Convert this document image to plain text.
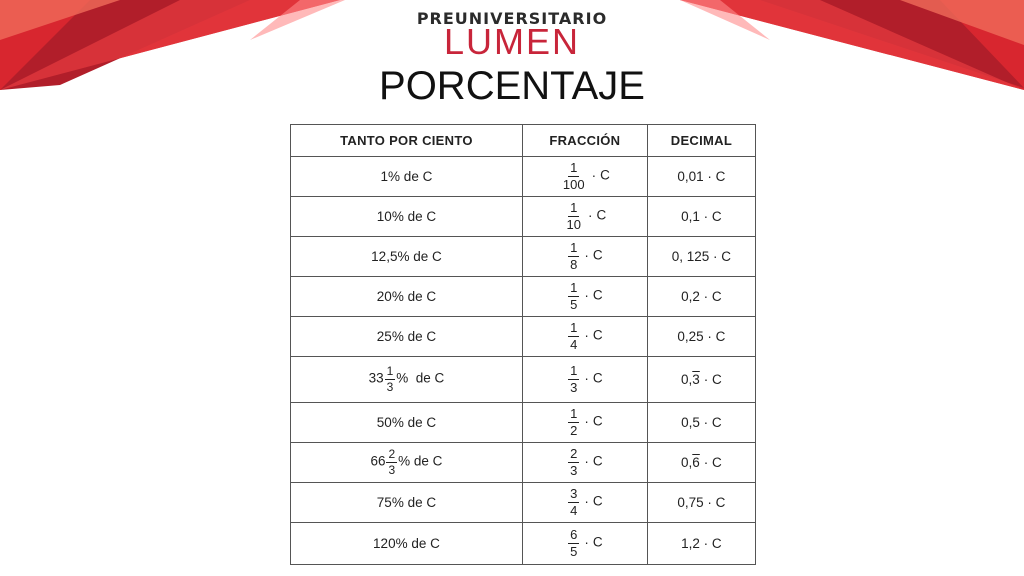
PREUNIVERSITARIO
LUMEN
PORCENTAJE
TANTO POR CIENTO	FRACCIÓN	DECIMAL
1% de C	$\frac{1}{100} \cdot C$	0,01 · C
10% de C	$\frac{1}{10} \cdot C$	0,1 · C
12,5% de C	$\frac{1}{8} \cdot C$	0, 125 · C
20% de C	$\frac{1}{5} \cdot C$	0,2 · C
25% de C	$\frac{1}{4} \cdot C$	0,25 · C
$33 \frac{1}{3}$ %  de C	$\frac{1}{3} \cdot C$	0,3 · C
50% de C	$\frac{1}{2} \cdot C$	0,5 · C
$66 \frac{2}{3}$ % de C	$\frac{2}{3} \cdot C$	0,6 · C
75% de C	$\frac{3}{4} \cdot C$	0,75 · C
120% de C	$\frac{6}{5} \cdot C$	1,2 · C
